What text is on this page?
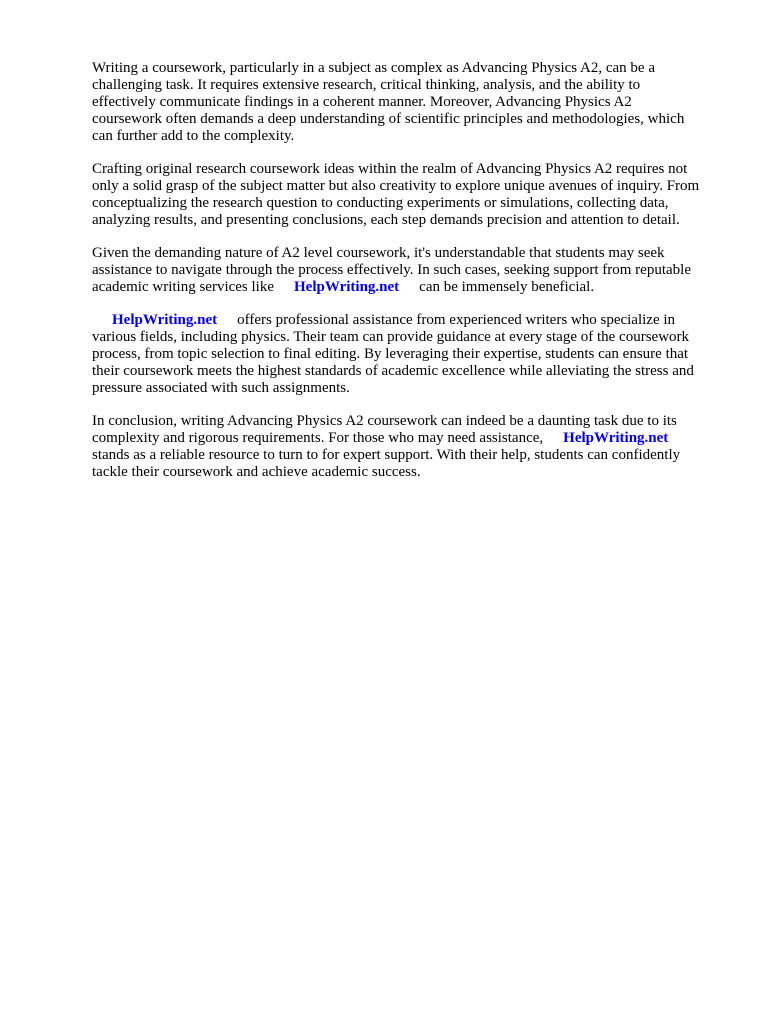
Writing a coursework, particularly in a subject as complex as Advancing Physics A2, can be a
challenging task. It requires extensive research, critical thinking, analysis, and the ability to
effectively communicate findings in a coherent manner. Moreover, Advancing Physics A2
coursework often demands a deep understanding of scientific principles and methodologies, which
can further add to the complexity.

Crafting original research coursework ideas within the realm of Advancing Physics A2 requires not
only a solid grasp of the subject matter but also creativity to explore unique avenues of inquiry. From
conceptualizing the research question to conducting experiments or simulations, collecting data,
analyzing results, and presenting conclusions, each step demands precision and attention to detail.

Given the demanding nature of A2 level coursework, it's understandable that students may seek
assistance to navigate through the process effectively. In such cases, seeking support from reputable
academic writing services like HelpWriting.net can be immensely beneficial.

HelpWriting.net offers professional assistance from experienced writers who specialize in
various fields, including physics. Their team can provide guidance at every stage of the coursework
process, from topic selection to final editing. By leveraging their expertise, students can ensure that
their coursework meets the highest standards of academic excellence while alleviating the stress and
pressure associated with such assignments.

In conclusion, writing Advancing Physics A2 coursework can indeed be a daunting task due to its
complexity and rigorous requirements. For those who may need assistance, HelpWriting.net
stands as a reliable resource to turn to for expert support. With their help, students can confidently
tackle their coursework and achieve academic success.
